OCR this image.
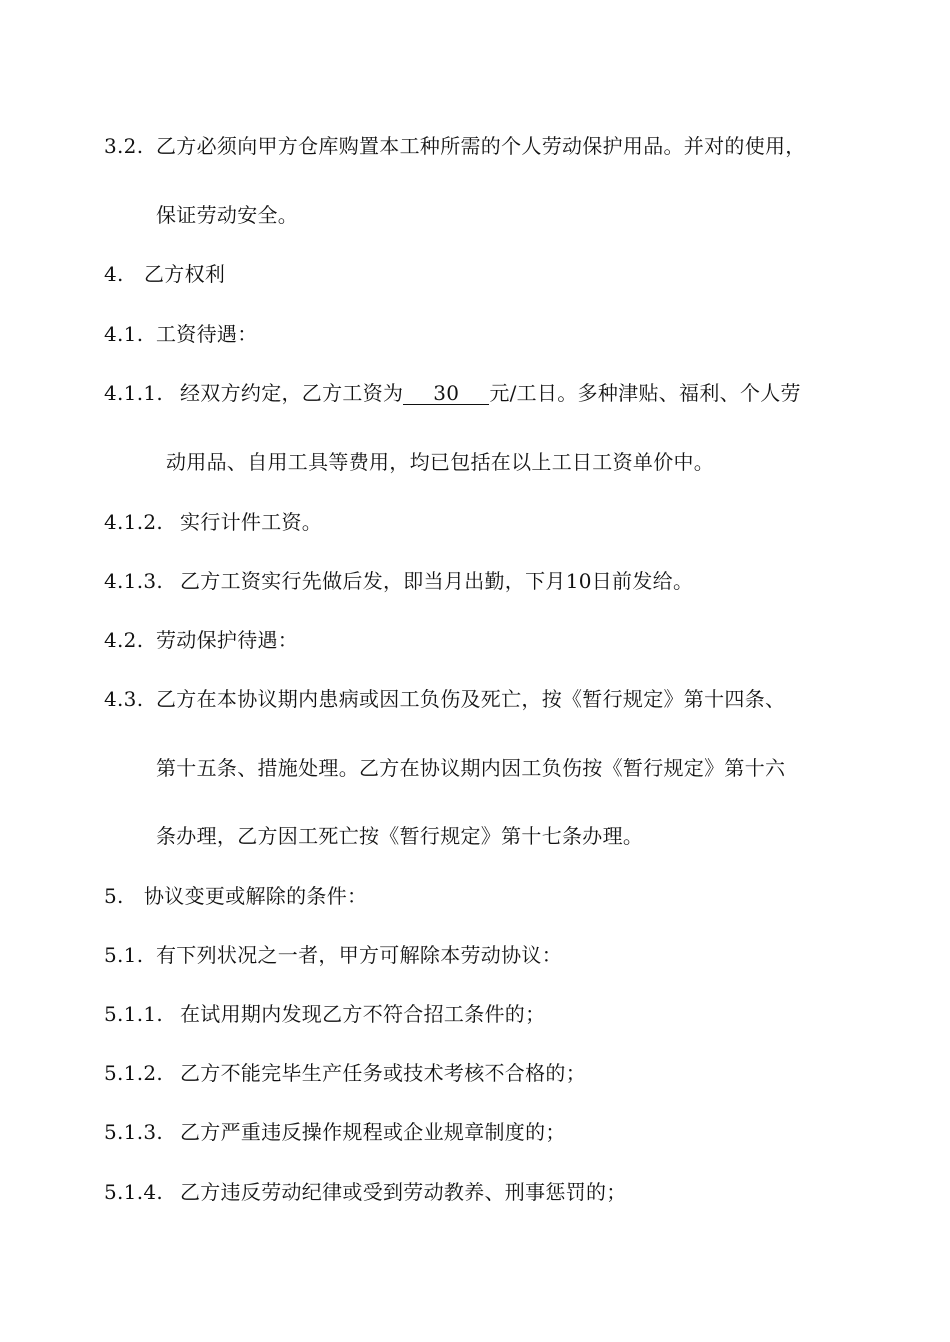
3.2. 乙方必须向甲方仓库购置本工种所需的个人劳动保护用品。并对的使用，
保证劳动安全。
4. 乙方权利
4.1. 工资待遇：
4.1.1. 经双方约定，乙方工资为 30 元/工日。多种津贴、福利、个人劳
动用品、自用工具等费用，均已包括在以上工日工资单价中。
4.1.2. 实行计件工资。
4.1.3. 乙方工资实行先做后发，即当月出勤，下月10日前发给。
4.2. 劳动保护待遇：
4.3. 乙方在本协议期内患病或因工负伤及死亡，按《暂行规定》第十四条、
第十五条、措施处理。乙方在协议期内因工负伤按《暂行规定》第十六
条办理，乙方因工死亡按《暂行规定》第十七条办理。
5. 协议变更或解除的条件：
5.1. 有下列状况之一者，甲方可解除本劳动协议：
5.1.1. 在试用期内发现乙方不符合招工条件的；
5.1.2. 乙方不能完毕生产任务或技术考核不合格的；
5.1.3. 乙方严重违反操作规程或企业规章制度的；
5.1.4. 乙方违反劳动纪律或受到劳动教养、刑事惩罚的；
